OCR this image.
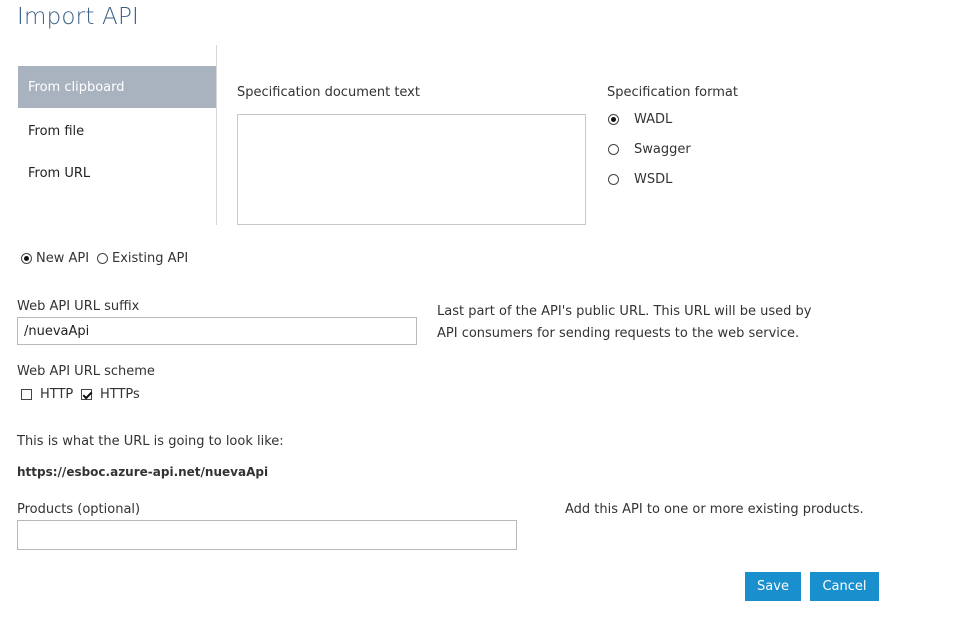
Import API
From clipboard
From file
From URL
Specification document text	Specification format
WADL
Swagger
WSDL
New API Existing API
Web API URL suffix
/nuevaApi
Last part of the API's public URL. This URL will be used by
API consumers for sending requests to the web service.
Web API URL scheme
HTTP HTTPs
This is what the URL is going to look like:
https://esboc.azure-api.net/nuevaApi
Products (optional)	Add this API to one or more existing products.
Save	Cancel
